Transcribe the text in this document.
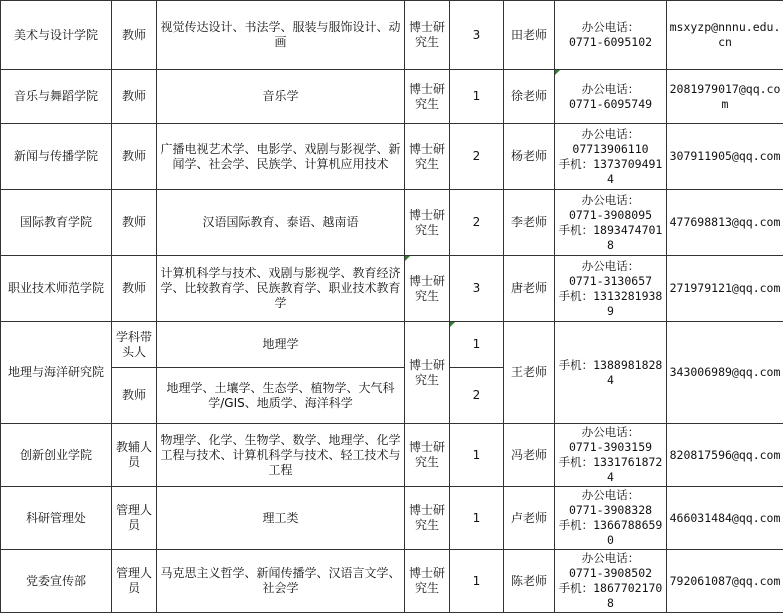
美术与设计学院	教师	视觉传达设计、书法学、服装与服饰设计、动画	博士研究生	3	田老师	办公电话：
0771-6095102	msxyzp@nnnu.edu.cn
音乐与舞蹈学院	教师	音乐学	博士研究生	1	徐老师	办公电话：
0771-6095749	2081979017@qq.com
新闻与传播学院	教师	广播电视艺术学、电影学、戏剧与影视学、新闻学、社会学、民族学、计算机应用技术	博士研究生	2	杨老师	办公电话：
07713906110
手机：13737094914	307911905@qq.com
国际教育学院	教师	汉语国际教育、泰语、越南语	博士研究生	2	李老师	办公电话：
0771-3908095
手机：18934747018	477698813@qq.com
职业技术师范学院	教师	计算机科学与技术、戏剧与影视学、教育经济学、比较教育学、民族教育学、职业技术教育学	博士研究生	3	唐老师	办公电话：
0771-3130657
手机：13132819389	271979121@qq.com
地理与海洋研究院	学科带头人	地理学	博士研究生	1	王老师	手机：13889818284	343006989@qq.com
	教师	地理学、土壤学、生态学、植物学、大气科学/GIS、地质学、海洋科学		2			
创新创业学院	教辅人员	物理学、化学、生物学、数学、地理学、化学工程与技术、计算机科学与技术、轻工技术与工程	博士研究生	1	冯老师	办公电话：
0771-3903159
手机：13317618724	820817596@qq.com
科研管理处	管理人员	理工类	博士研究生	1	卢老师	办公电话：
0771-3908328
手机：13667886590	466031484@qq.com
党委宣传部	管理人员	马克思主义哲学、新闻传播学、汉语言文学、社会学	博士研究生	1	陈老师	办公电话：
0771-3908502
手机：18677021708	792061087@qq.com
